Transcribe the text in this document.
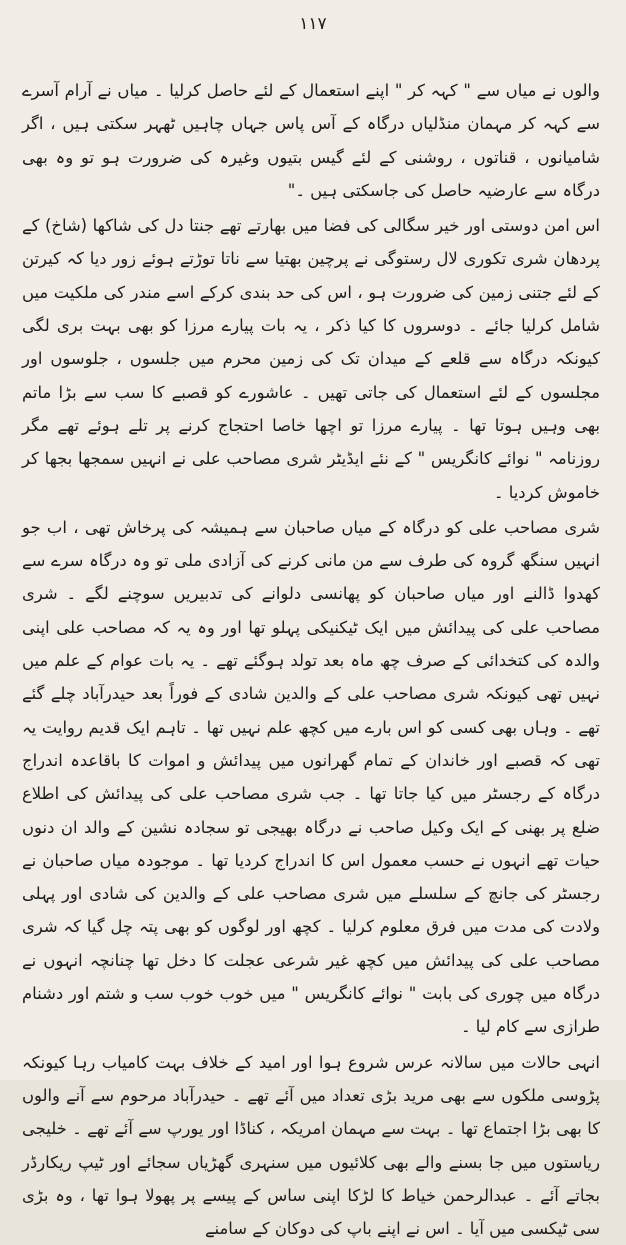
۱۱۷

والوں نے میاں سے " کہہ کر " اپنے استعمال کے لئے حاصل کرلیا ۔ میاں نے آرام آسرے سے کہہ کر مہمان منڈلیاں درگاہ کے آس پاس جہاں چاہیں ٹھہر سکتی ہیں ، اگر شامیانوں ، قناتوں ، روشنی کے لئے گیس بتیوں وغیرہ کی ضرورت ہو تو وہ بھی درگاہ سے عارضیہ حاصل کی جاسکتی ہیں ۔"

اس امن دوستی اور خیر سگالی کی فضا میں بھارتے تھے جنتا دل کی شاکھا (شاخ) کے پردھان شری تکوری لال رستوگی نے پرچین بھتیا سے ناتا توڑتے ہوئے زور دیا کہ کیرتن کے لئے جتنی زمین کی ضرورت ہو ، اس کی حد بندی کرکے اسے مندر کی ملکیت میں شامل کرلیا جائے ۔ دوسروں کا کیا ذکر ، یہ بات پیارے مرزا کو بھی بہت بری لگی کیونکہ درگاہ سے قلعے کے میدان تک کی زمین محرم میں جلسوں ، جلوسوں اور مجلسوں کے لئے استعمال کی جاتی تھیں ۔ عاشورے کو قصبے کا سب سے بڑا ماتم بھی وہیں ہوتا تھا ۔ پیارے مرزا تو اچھا خاصا احتجاج کرنے پر تلے ہوئے تھے مگر روزنامہ " نوائے کانگریس " کے نئے ایڈیٹر شری مصاحب علی نے انہیں سمجھا بجھا کر خاموش کردیا ۔

شری مصاحب علی کو درگاہ کے میاں صاحبان سے ہمیشہ کی پرخاش تھی ، اب جو انہیں سنگھ گروہ کی طرف سے من مانی کرنے کی آزادی ملی تو وہ درگاہ سرے سے کھدوا ڈالنے اور میاں صاحبان کو پھانسی دلوانے کی تدبیریں سوچنے لگے ۔ شری مصاحب علی کی پیدائش میں ایک ٹیکنیکی پہلو تھا اور وہ یہ کہ مصاحب علی اپنی والدہ کی کتخدائی کے صرف چھ ماہ بعد تولد ہوگئے تھے ۔ یہ بات عوام کے علم میں نہیں تھی کیونکہ شری مصاحب علی کے والدین شادی کے فوراً بعد حیدرآباد چلے گئے تھے ۔ وہاں بھی کسی کو اس بارے میں کچھ علم نہیں تھا ۔ تاہم ایک قدیم روایت یہ تھی کہ قصبے اور خاندان کے تمام گھرانوں میں پیدائش و اموات کا باقاعدہ اندراج درگاہ کے رجسٹر میں کیا جاتا تھا ۔ جب شری مصاحب علی کی پیدائش کی اطلاع ضلع پر بھنی کے ایک وکیل صاحب نے درگاہ بھیجی تو سجادہ نشین کے والد ان دنوں حیات تھے انہوں نے حسب معمول اس کا اندراج کردیا تھا ۔ موجودہ میاں صاحبان نے رجسٹر کی جانچ کے سلسلے میں شری مصاحب علی کے والدین کی شادی اور پہلی ولادت کی مدت میں فرق معلوم کرلیا ۔ کچھ اور لوگوں کو بھی پتہ چل گیا کہ شری مصاحب علی کی پیدائش میں کچھ غیر شرعی عجلت کا دخل تھا چنانچہ انہوں نے درگاہ میں چوری کی بابت " نوائے کانگریس " میں خوب خوب سب و شتم اور دشنام طرازی سے کام لیا ۔

انہی حالات میں سالانہ عرس شروع ہوا اور امید کے خلاف بہت کامیاب رہا کیونکہ پڑوسی ملکوں سے بھی مرید بڑی تعداد میں آئے تھے ۔ حیدرآباد مرحوم سے آنے والوں کا بھی بڑا اجتماع تھا ۔ بہت سے مہمان امریکہ ، کناڈا اور یورپ سے آئے تھے ۔ خلیجی ریاستوں میں جا بسنے والے بھی کلائیوں میں سنہری گھڑیاں سجائے اور ٹیپ ریکارڈر بجاتے آئے ۔ عبدالرحمن خیاط کا لڑکا اپنی ساس کے پیسے پر پھولا ہوا تھا ، وہ بڑی سی ٹیکسی میں آیا ۔ اس نے اپنے باپ کی دوکان کے سامنے
